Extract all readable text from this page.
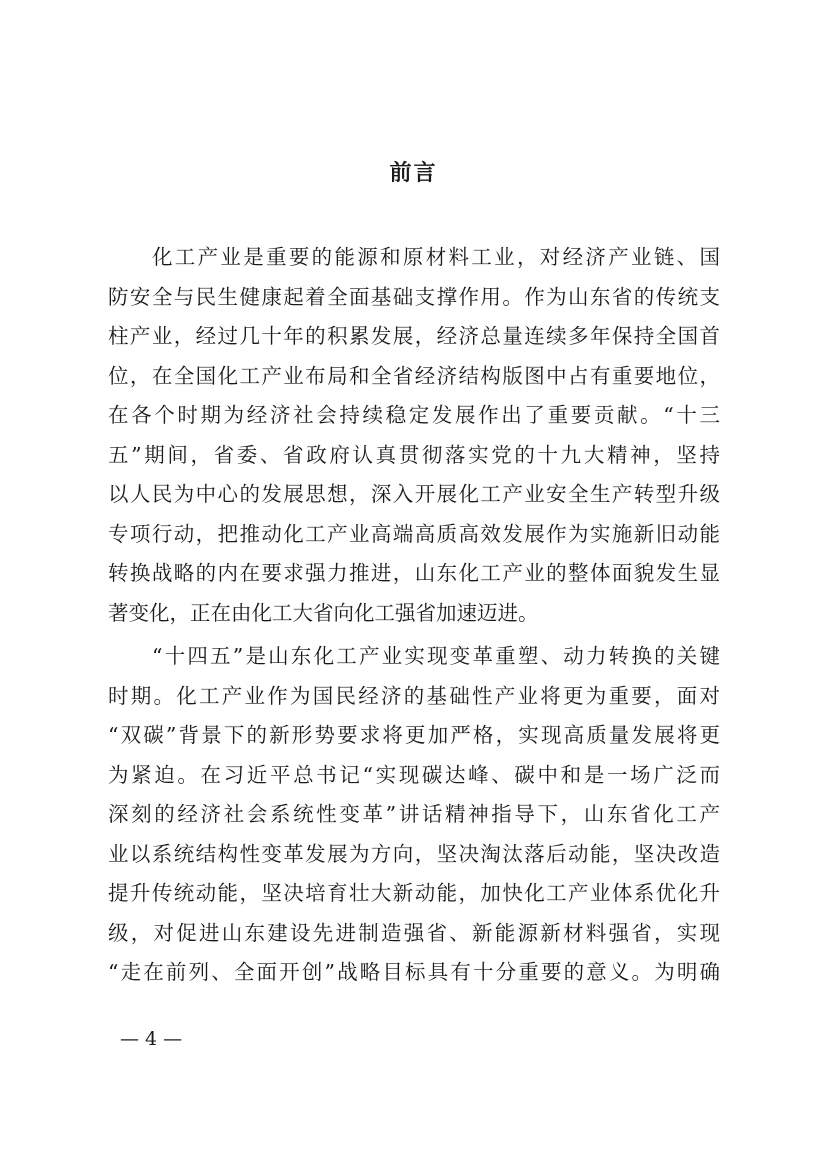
前言
化工产业是重要的能源和原材料工业，对经济产业链、国
防安全与民生健康起着全面基础支撑作用。作为山东省的传统支
柱产业，经过几十年的积累发展，经济总量连续多年保持全国首
位，在全国化工产业布局和全省经济结构版图中占有重要地位，
在各个时期为经济社会持续稳定发展作出了重要贡献。“十三
五”期间，省委、省政府认真贯彻落实党的十九大精神，坚持
以人民为中心的发展思想，深入开展化工产业安全生产转型升级
专项行动，把推动化工产业高端高质高效发展作为实施新旧动能
转换战略的内在要求强力推进，山东化工产业的整体面貌发生显
著变化，正在由化工大省向化工强省加速迈进。
“十四五”是山东化工产业实现变革重塑、动力转换的关键
时期。化工产业作为国民经济的基础性产业将更为重要，面对
“双碳”背景下的新形势要求将更加严格，实现高质量发展将更
为紧迫。在习近平总书记“实现碳达峰、碳中和是一场广泛而
深刻的经济社会系统性变革”讲话精神指导下，山东省化工产
业以系统结构性变革发展为方向，坚决淘汰落后动能，坚决改造
提升传统动能，坚决培育壮大新动能，加快化工产业体系优化升
级，对促进山东建设先进制造强省、新能源新材料强省，实现
“走在前列、全面开创”战略目标具有十分重要的意义。为明确
— 4 —
